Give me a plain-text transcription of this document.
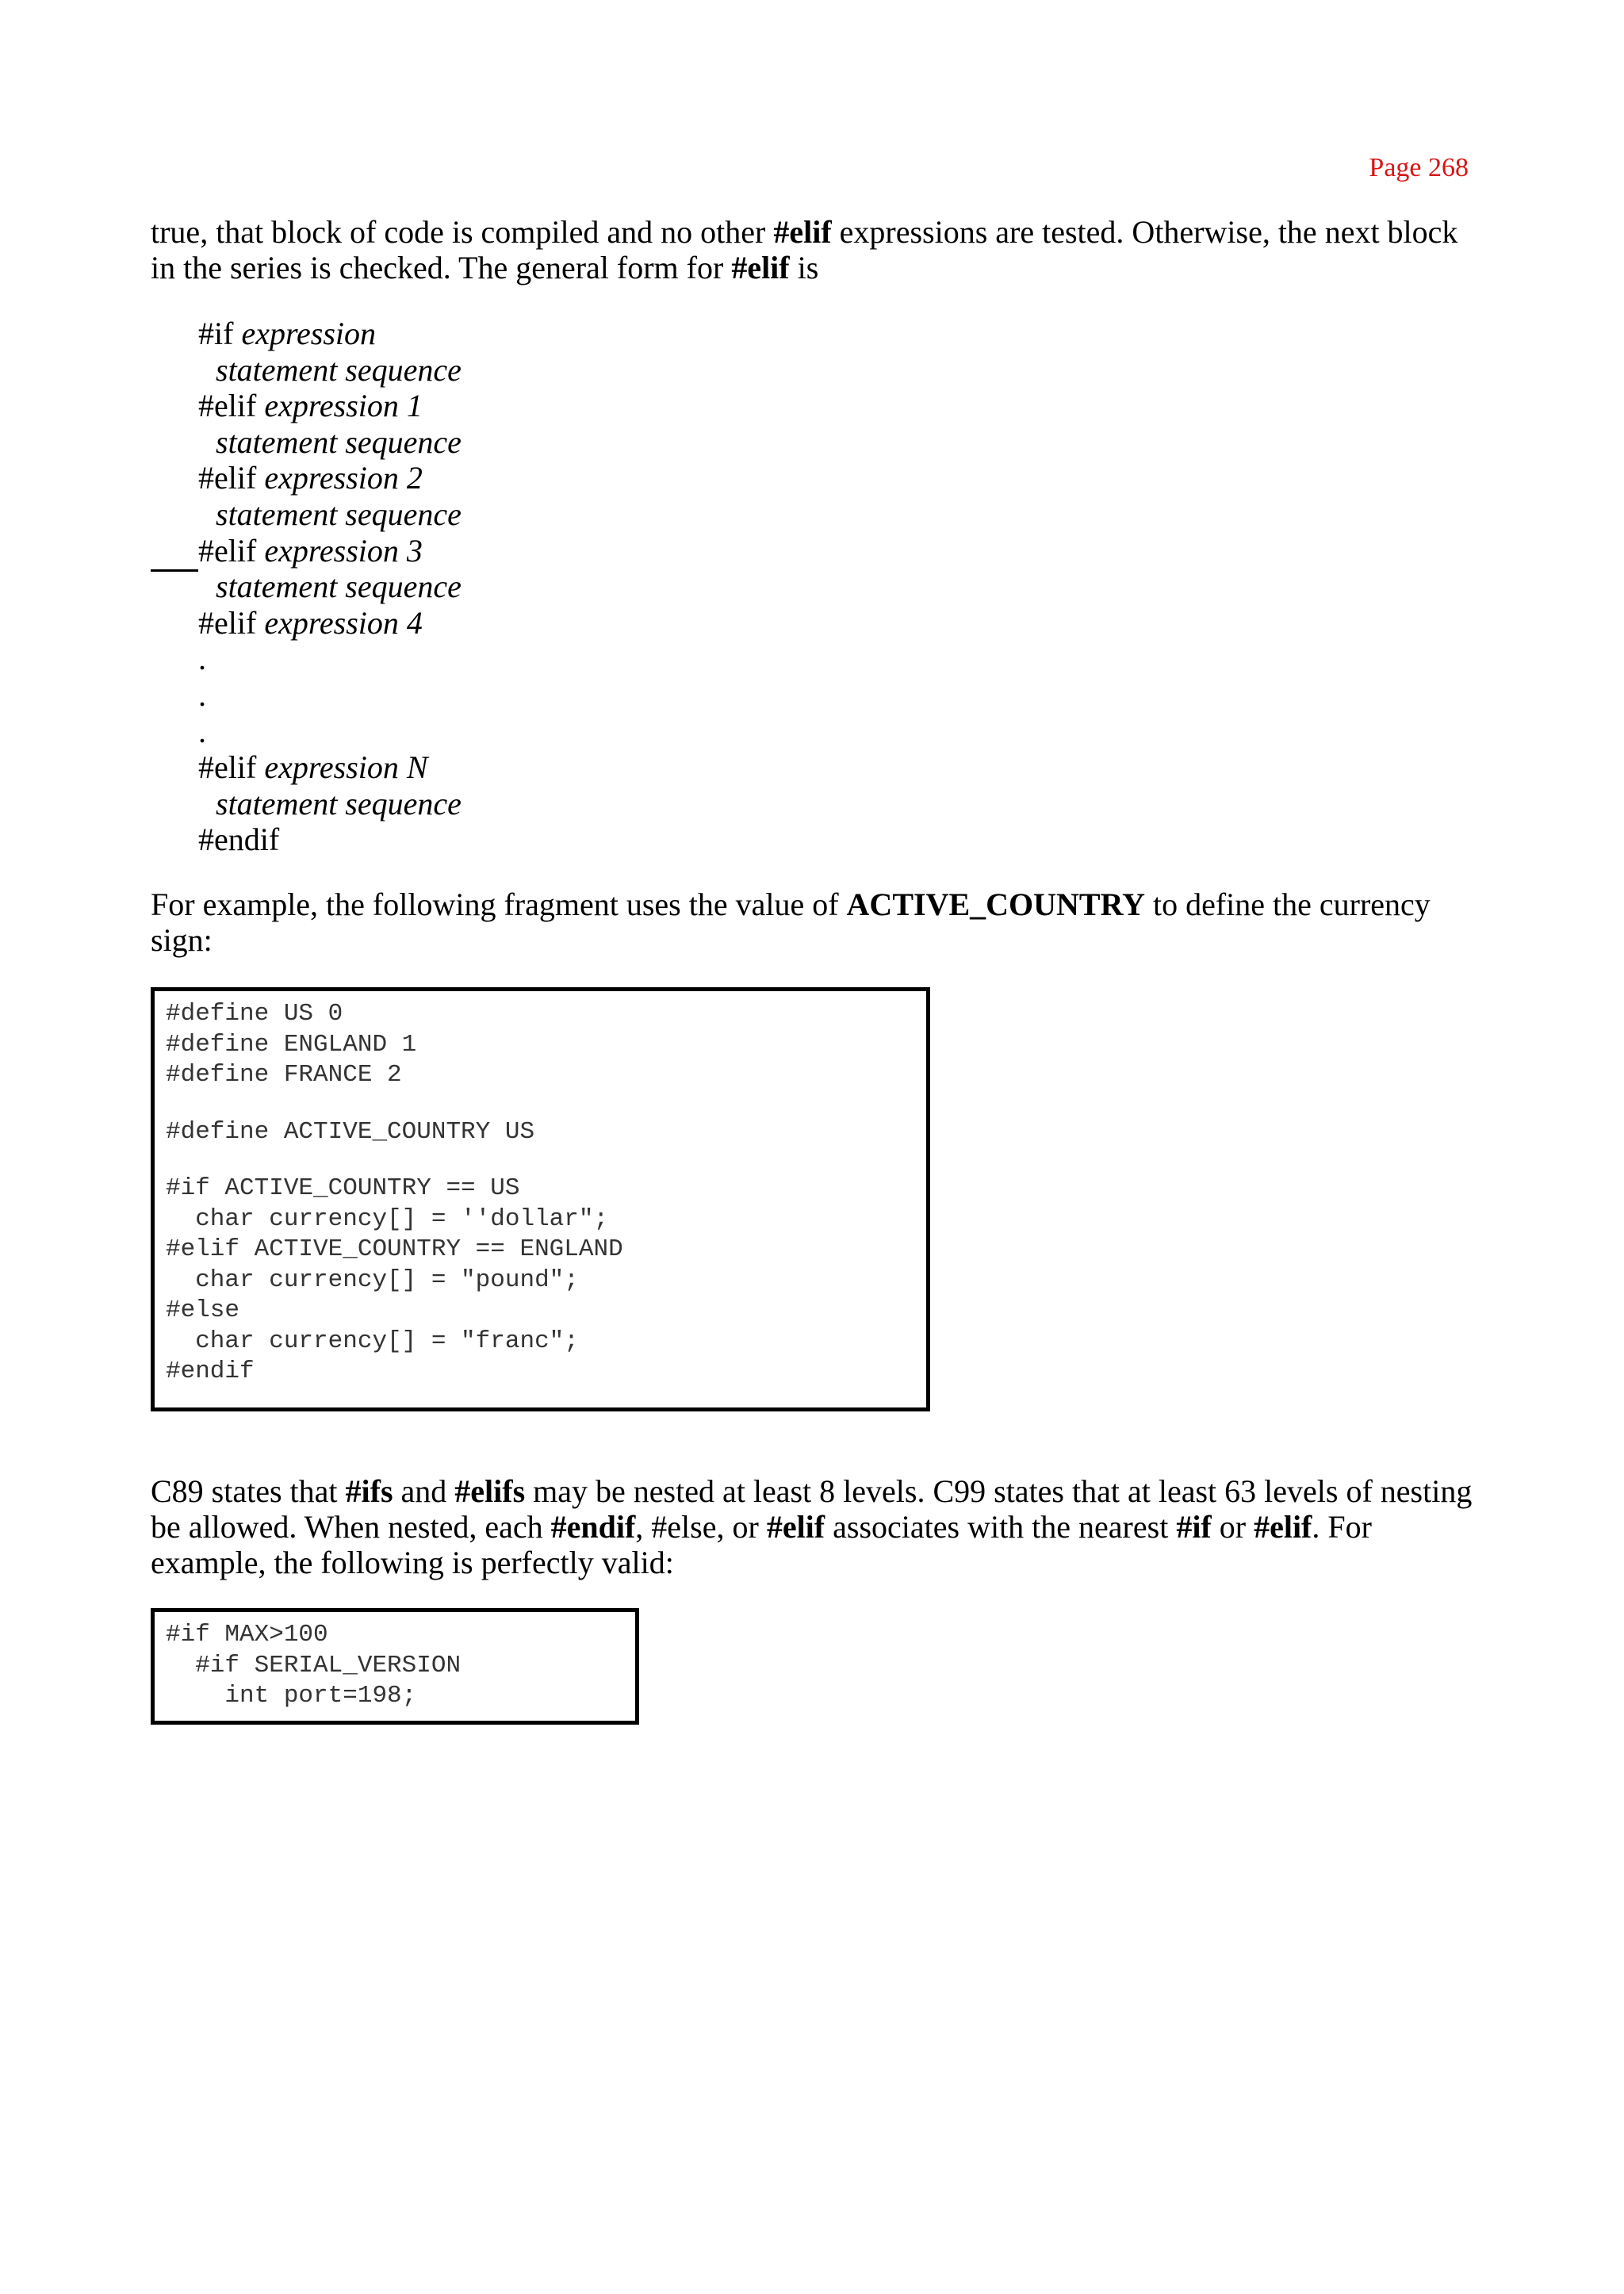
Page 268
true, that block of code is compiled and no other #elif expressions are tested. Otherwise, the next block in the series is checked. The general form for #elif is
#if expression
statement sequence
#elif expression 1
statement sequence
#elif expression 2
statement sequence
#elif expression 3
statement sequence
#elif expression 4
.
.
.
#elif expression N
statement sequence
#endif
For example, the following fragment uses the value of ACTIVE_COUNTRY to define the currency sign:
#define US 0
#define ENGLAND 1
#define FRANCE 2
#define ACTIVE_COUNTRY US
#if ACTIVE_COUNTRY == US
char currency[] = ''dollar";
#elif ACTIVE_COUNTRY == ENGLAND
char currency[] = "pound";
#else
char currency[] = "franc";
#endif
C89 states that #ifs and #elifs may be nested at least 8 levels. C99 states that at least 63 levels of nesting be allowed. When nested, each #endif, #else, or #elif associates with the nearest #if or #elif. For example, the following is perfectly valid:
#if MAX>100
#if SERIAL_VERSION
int port=198;
